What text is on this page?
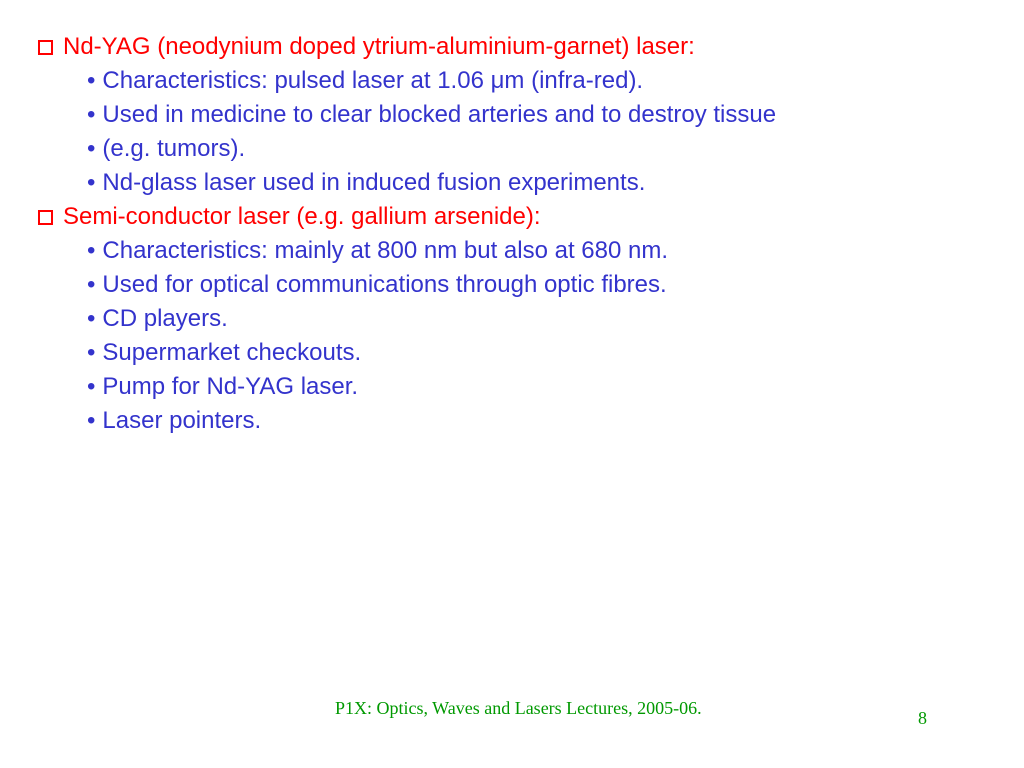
Nd-YAG (neodynium doped ytrium-aluminium-garnet) laser:
• Characteristics: pulsed laser at 1.06 μm (infra-red).
• Used in medicine to clear blocked arteries and to destroy tissue
• (e.g. tumors).
• Nd-glass laser used in induced fusion experiments.
Semi-conductor laser (e.g. gallium arsenide):
• Characteristics: mainly at 800 nm but also at 680 nm.
• Used for optical communications through optic fibres.
• CD players.
• Supermarket checkouts.
• Pump for Nd-YAG laser.
• Laser pointers.
P1X: Optics, Waves and Lasers Lectures, 2005-06.	8
